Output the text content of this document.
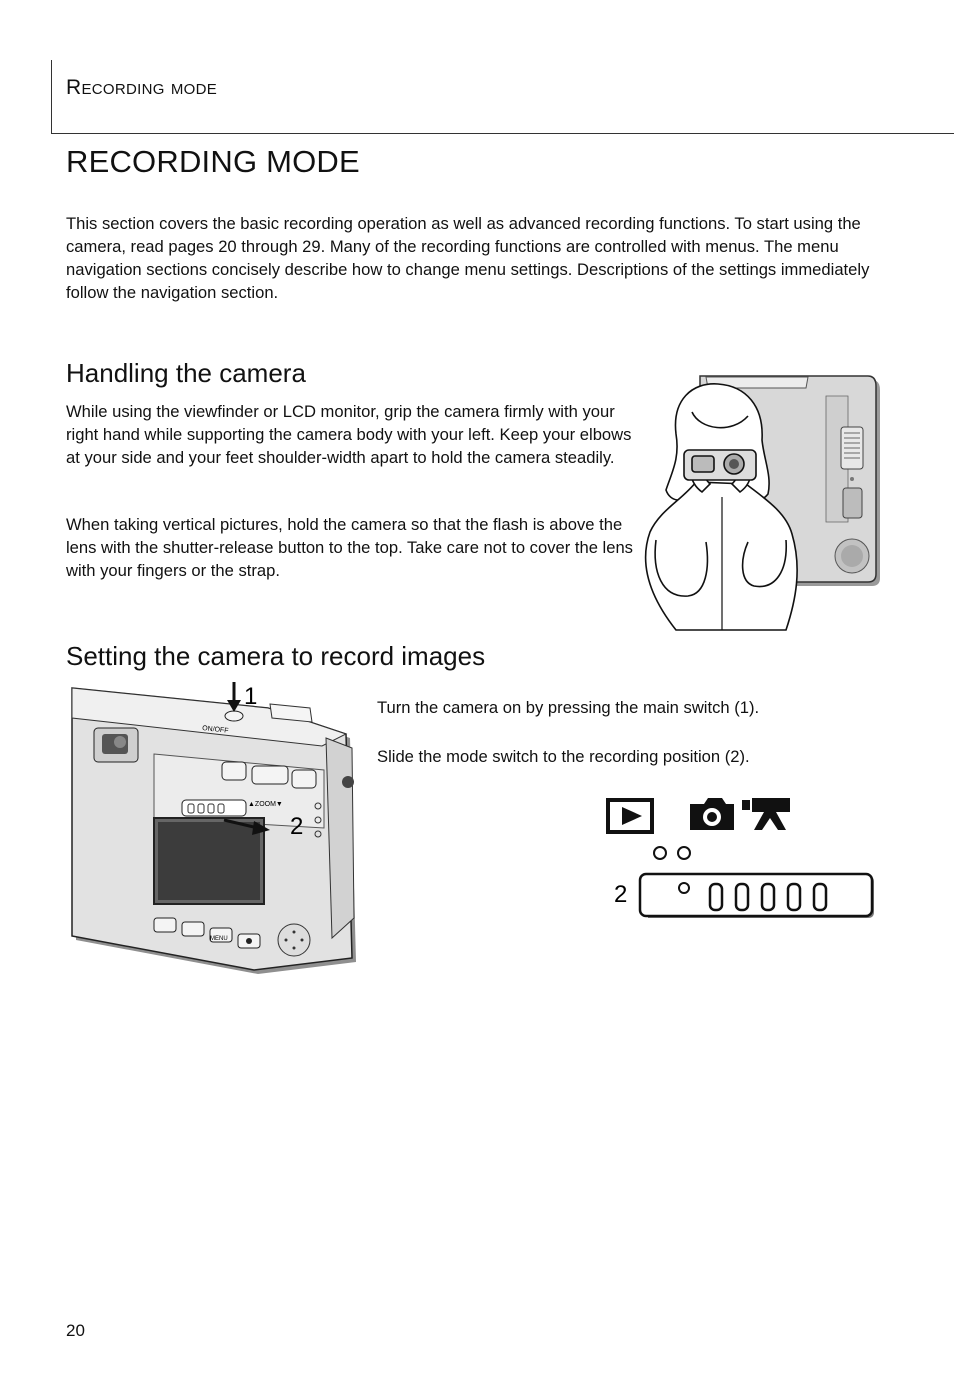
Recording mode
RECORDING MODE

This section covers the basic recording operation as well as advanced recording functions. To start using the camera, read pages 20 through 29. Many of the recording functions are controlled with menus. The menu navigation sections concisely describe how to change menu settings. Descriptions of the settings immediately follow the navigation section.

Handling the camera

While using the viewfinder or LCD monitor, grip the camera firmly with your right hand while supporting the camera body with your left. Keep your elbows at your side and your feet shoulder-width apart to hold the camera steadily.

When taking vertical pictures, hold the camera so that the flash is above the lens with the shutter-release button to the top. Take care not to cover the lens with your fingers or the strap.

Setting the camera to record images
MENU
ON/OFF
▲ZOOM▼
1
2

Turn the camera on by pressing the main switch (1).

Slide the mode switch to the recording position (2).

2
20
